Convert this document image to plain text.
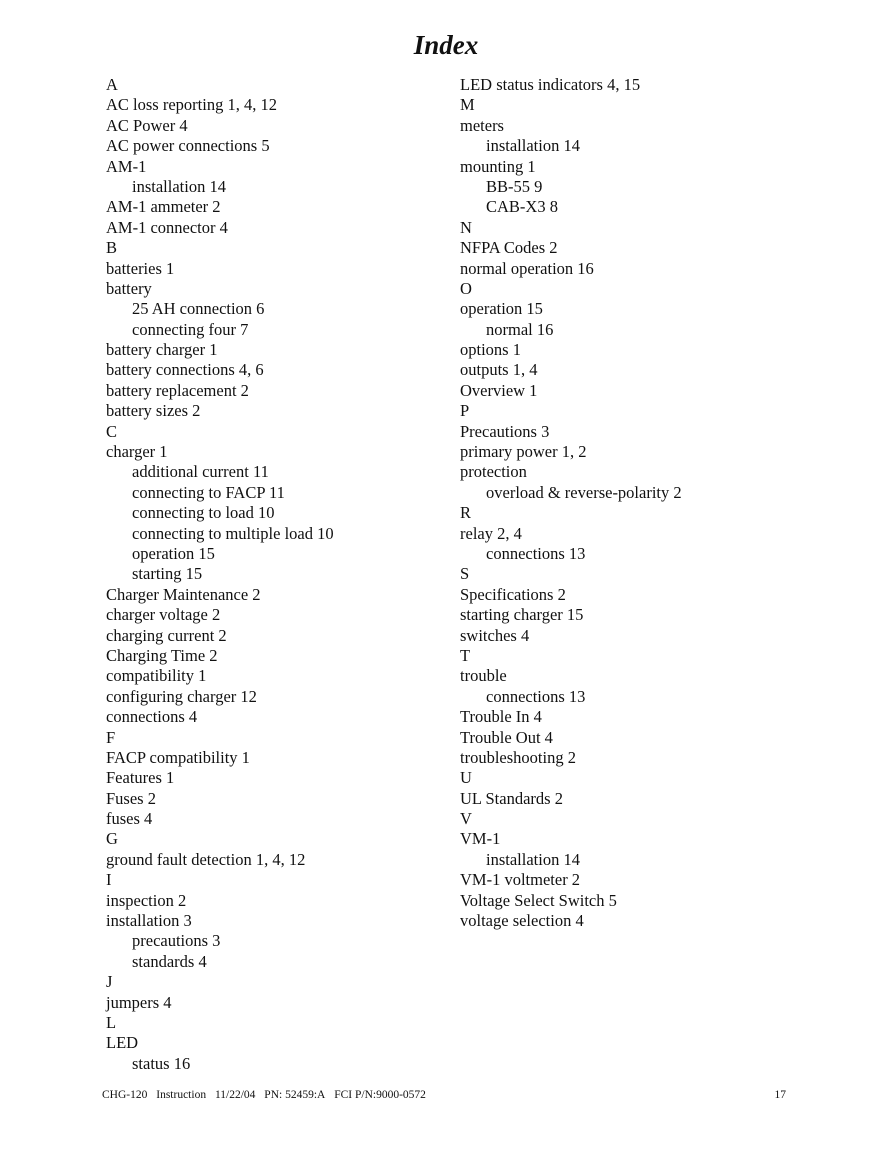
Index
A
AC loss reporting 1, 4, 12
AC Power 4
AC power connections 5
AM-1
installation 14
AM-1 ammeter 2
AM-1 connector 4
B
batteries 1
battery
25 AH connection 6
connecting four 7
battery charger 1
battery connections 4, 6
battery replacement 2
battery sizes 2
C
charger 1
additional current 11
connecting to FACP 11
connecting to load 10
connecting to multiple load 10
operation 15
starting 15
Charger Maintenance 2
charger voltage 2
charging current 2
Charging Time 2
compatibility 1
configuring charger 12
connections 4
F
FACP compatibility 1
Features 1
Fuses 2
fuses 4
G
ground fault detection 1, 4, 12
I
inspection 2
installation 3
precautions 3
standards 4
J
jumpers 4
L
LED
status 16
LED status indicators 4, 15
M
meters
installation 14
mounting 1
BB-55 9
CAB-X3 8
N
NFPA Codes 2
normal operation 16
O
operation 15
normal 16
options 1
outputs 1, 4
Overview 1
P
Precautions 3
primary power 1, 2
protection
overload & reverse-polarity 2
R
relay 2, 4
connections 13
S
Specifications 2
starting charger 15
switches 4
T
trouble
connections 13
Trouble In 4
Trouble Out 4
troubleshooting 2
U
UL Standards 2
V
VM-1
installation 14
VM-1 voltmeter 2
Voltage Select Switch 5
voltage selection 4
CHG-120 Instruction 11/22/04 PN: 52459:A FCI P/N:9000-0572	17
